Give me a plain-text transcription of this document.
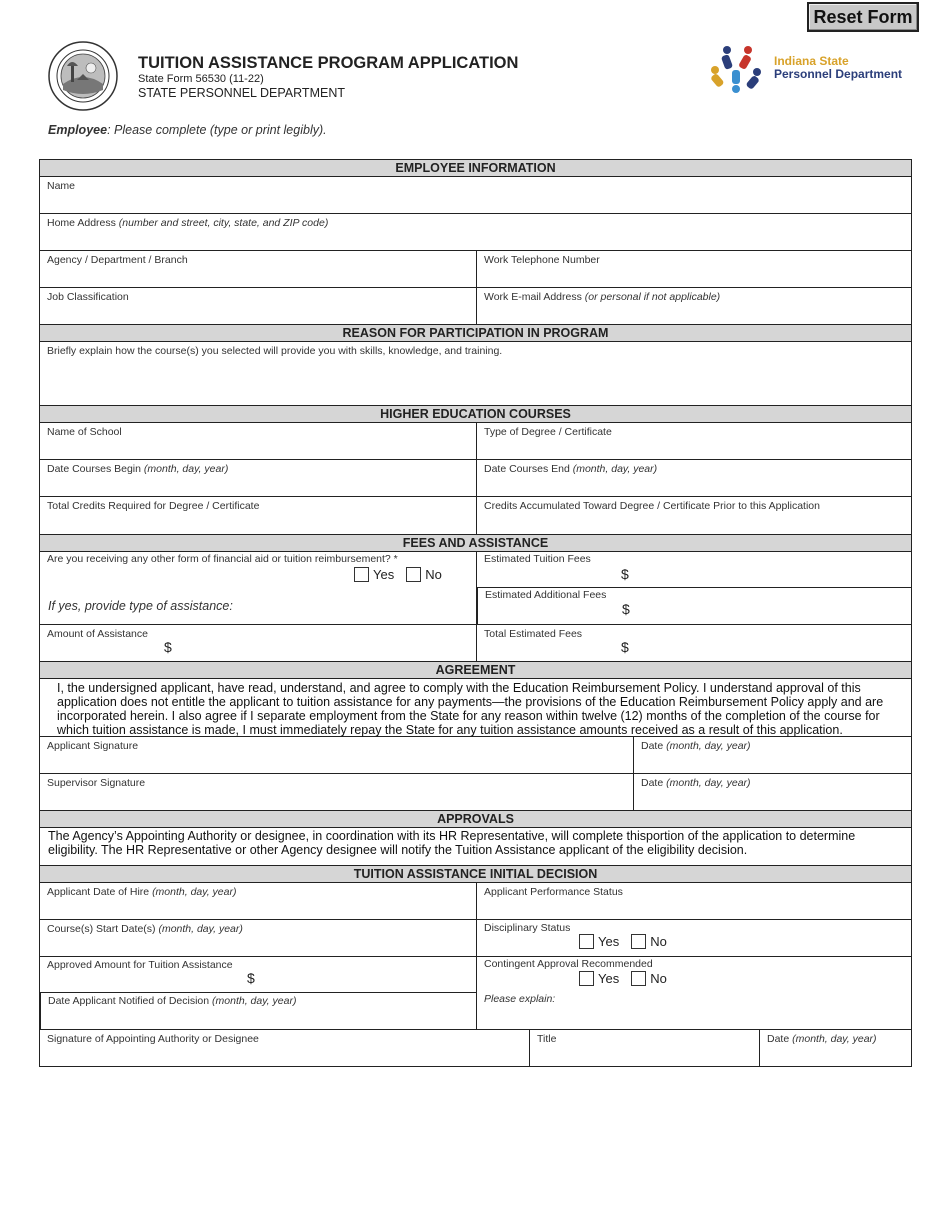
Reset Form
TUITION ASSISTANCE PROGRAM APPLICATION
State Form 56530 (11-22)
STATE PERSONNEL DEPARTMENT
Indiana State
Personnel Department
Employee: Please complete (type or print legibly).
EMPLOYEE INFORMATION
Name
Home Address (number and street, city, state, and ZIP code)
Agency / Department / Branch	Work Telephone Number
Job Classification	Work E-mail Address (or personal if not applicable)
REASON FOR PARTICIPATION IN PROGRAM
Briefly explain how the course(s) you selected will provide you with skills, knowledge, and training.
HIGHER EDUCATION COURSES
Name of School	Type of Degree / Certificate
Date Courses Begin (month, day, year)	Date Courses End (month, day, year)
Total Credits Required for Degree / Certificate	Credits Accumulated Toward Degree / Certificate Prior to this Application
FEES AND ASSISTANCE
Are you receiving any other form of financial aid or tuition reimbursement? *
Yes No
If yes, provide type of assistance:
Estimated Tuition Fees
$
Estimated Additional Fees
$
Amount of Assistance
$
Total Estimated Fees
$
AGREEMENT
I, the undersigned applicant, have read, understand, and agree to comply with the Education Reimbursement Policy. I understand approval of this application does not entitle the applicant to tuition assistance for any payments—the provisions of the Education Reimbursement Policy apply and are incorporated herein. I also agree if I separate employment from the State for any reason within twelve (12) months of the completion of the course for which tuition assistance is made, I must immediately repay the State for any tuition assistance amounts received as a result of this application.
Applicant Signature	Date (month, day, year)
Supervisor Signature	Date (month, day, year)
APPROVALS
The Agency’s Appointing Authority or designee, in coordination with its HR Representative, will complete thisportion of the application to determine eligibility. The HR Representative or other Agency designee will notify the Tuition Assistance applicant of the eligibility decision.
TUITION ASSISTANCE INITIAL DECISION
Applicant Date of Hire (month, day, year)	Applicant Performance Status
Course(s) Start Date(s) (month, day, year)	Disciplinary Status
Yes No
Approved Amount for Tuition Assistance
$
Date Applicant Notified of Decision (month, day, year)
Contingent Approval Recommended
Yes No
Please explain:
Signature of Appointing Authority or Designee	Title	Date (month, day, year)
